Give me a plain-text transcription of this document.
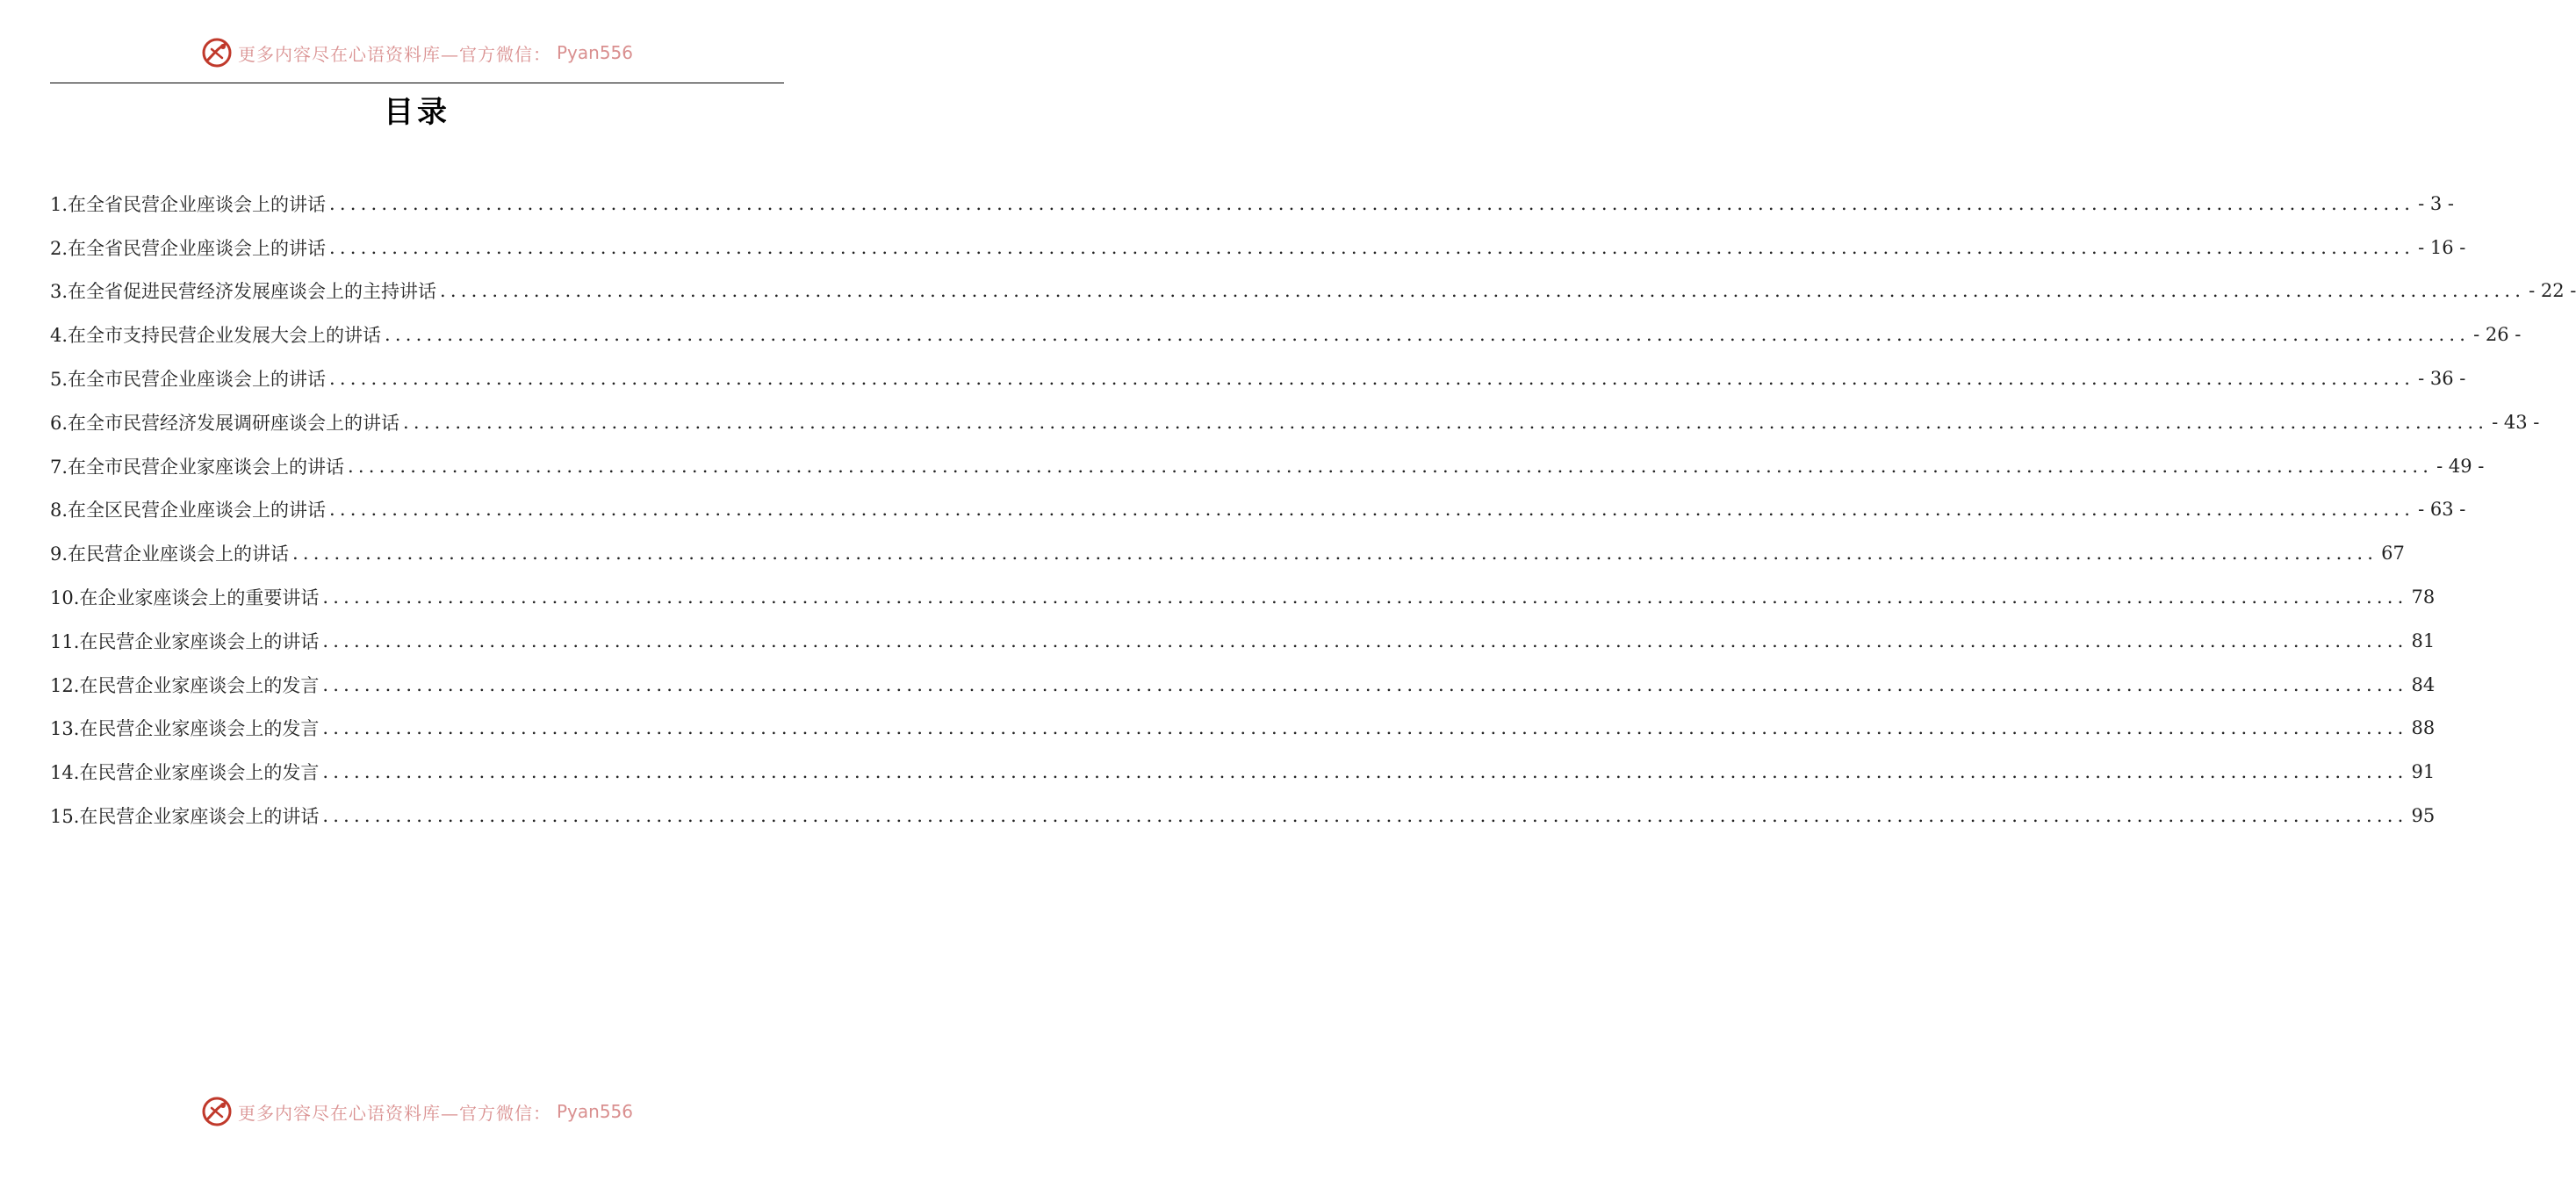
更多内容尽在心语资料库—官方微信： Pyan556
目录
1.在全省民营企业座谈会上的讲话 ........................................................................................................................................................................................................ - 3 -
2.在全省民营企业座谈会上的讲话 ........................................................................................................................................................................................................ - 16 -
3.在全省促进民营经济发展座谈会上的主持讲话 ........................................................................................................................................................................................................ - 22 -
4.在全市支持民营企业发展大会上的讲话 ........................................................................................................................................................................................................ - 26 -
5.在全市民营企业座谈会上的讲话 ........................................................................................................................................................................................................ - 36 -
6.在全市民营经济发展调研座谈会上的讲话 ........................................................................................................................................................................................................ - 43 -
7.在全市民营企业家座谈会上的讲话 ........................................................................................................................................................................................................ - 49 -
8.在全区民营企业座谈会上的讲话 ........................................................................................................................................................................................................ - 63 -
9.在民营企业座谈会上的讲话 ........................................................................................................................................................................................................ 67
10.在企业家座谈会上的重要讲话 ........................................................................................................................................................................................................ 78
11.在民营企业家座谈会上的讲话 ........................................................................................................................................................................................................ 81
12.在民营企业家座谈会上的发言 ........................................................................................................................................................................................................ 84
13.在民营企业家座谈会上的发言 ........................................................................................................................................................................................................ 88
14.在民营企业家座谈会上的发言 ........................................................................................................................................................................................................ 91
15.在民营企业家座谈会上的讲话 ........................................................................................................................................................................................................ 95
更多内容尽在心语资料库—官方微信： Pyan556
